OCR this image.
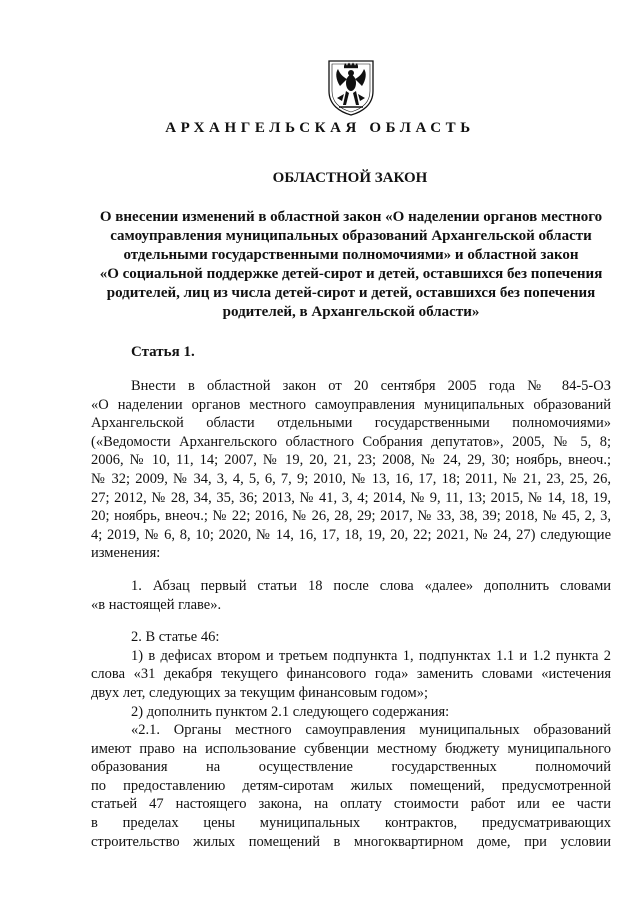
АРХАНГЕЛЬСКАЯ ОБЛАСТЬ
ОБЛАСТНОЙ ЗАКОН
О внесении изменений в областной закон «О наделении органов местного
самоуправления муниципальных образований Архангельской области
отдельными государственными полномочиями» и областной закон
«О социальной поддержке детей-сирот и детей, оставшихся без попечения
родителей, лиц из числа детей-сирот и детей, оставшихся без попечения
родителей, в Архангельской области»
Статья 1.
Внести в областной закон от 20 сентября 2005 года № 84-5-ОЗ
«О наделении органов местного самоуправления муниципальных образований
Архангельской области отдельными государственными полномочиями»
(«Ведомости Архангельского областного Собрания депутатов», 2005, № 5, 8;
2006, № 10, 11, 14; 2007, № 19, 20, 21, 23; 2008, № 24, 29, 30; ноябрь, внеоч.;
№ 32; 2009, № 34, 3, 4, 5, 6, 7, 9; 2010, № 13, 16, 17, 18; 2011, № 21, 23, 25, 26,
27; 2012, № 28, 34, 35, 36; 2013, № 41, 3, 4; 2014, № 9, 11, 13; 2015, № 14, 18, 19,
20; ноябрь, внеоч.; № 22; 2016, № 26, 28, 29; 2017, № 33, 38, 39; 2018, № 45, 2, 3,
4; 2019, № 6, 8, 10; 2020, № 14, 16, 17, 18, 19, 20, 22; 2021, № 24, 27) следующие
изменения:
1. Абзац первый статьи 18 после слова «далее» дополнить словами
«в настоящей главе».
2. В статье 46:
1) в дефисах втором и третьем подпункта 1, подпунктах 1.1 и 1.2 пункта 2
слова «31 декабря текущего финансового года» заменить словами «истечения
двух лет, следующих за текущим финансовым годом»;
2) дополнить пунктом 2.1 следующего содержания:
«2.1. Органы местного самоуправления муниципальных образований
имеют право на использование субвенции местному бюджету муниципального
образования на осуществление государственных полномочий
по предоставлению детям-сиротам жилых помещений, предусмотренной
статьей 47 настоящего закона, на оплату стоимости работ или ее части
в пределах цены муниципальных контрактов, предусматривающих
строительство жилых помещений в многоквартирном доме, при условии
